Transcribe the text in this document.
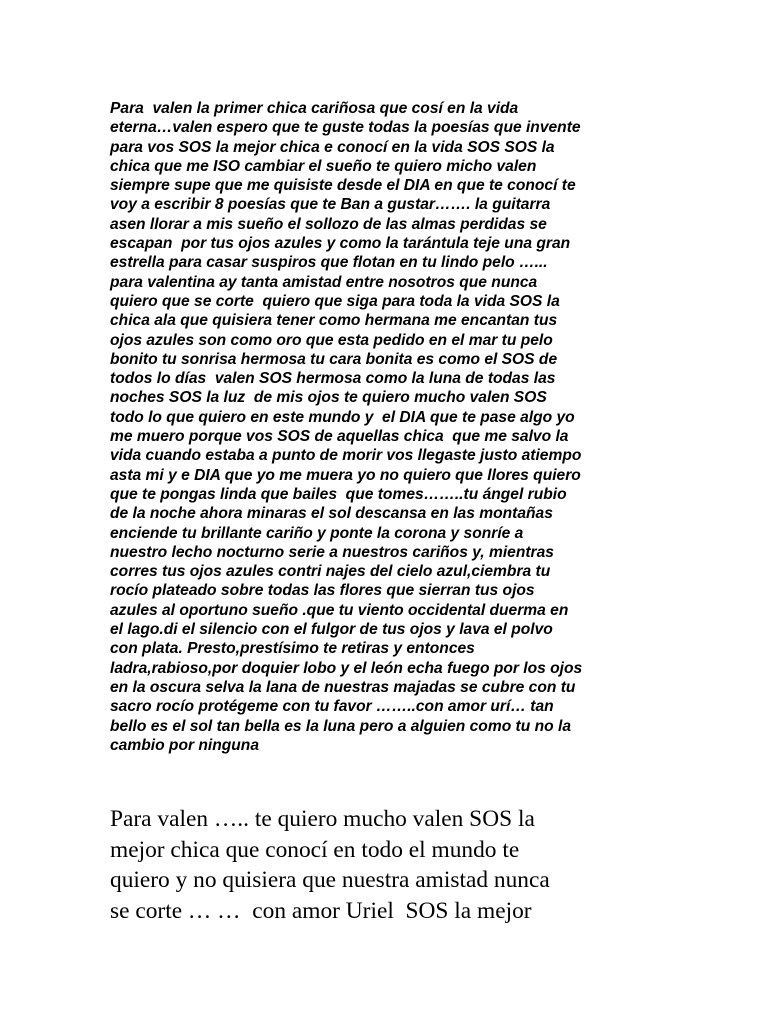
Para  valen la primer chica cariñosa que cosí en la vida
eterna…valen espero que te guste todas la poesías que invente
para vos SOS la mejor chica e conocí en la vida SOS SOS la
chica que me ISO cambiar el sueño te quiero micho valen
siempre supe que me quisiste desde el DIA en que te conocí te
voy a escribir 8 poesías que te Ban a gustar……. la guitarra
asen llorar a mis sueño el sollozo de las almas perdidas se
escapan  por tus ojos azules y como la tarántula teje una gran
estrella para casar suspiros que flotan en tu lindo pelo …...
para valentina ay tanta amistad entre nosotros que nunca
quiero que se corte  quiero que siga para toda la vida SOS la
chica ala que quisiera tener como hermana me encantan tus
ojos azules son como oro que esta pedido en el mar tu pelo
bonito tu sonrisa hermosa tu cara bonita es como el SOS de
todos lo días  valen SOS hermosa como la luna de todas las
noches SOS la luz  de mis ojos te quiero mucho valen SOS
todo lo que quiero en este mundo y  el DIA que te pase algo yo
me muero porque vos SOS de aquellas chica  que me salvo la
vida cuando estaba a punto de morir vos llegaste justo atiempo
asta mi y e DIA que yo me muera yo no quiero que llores quiero
que te pongas linda que bailes  que tomes……..tu ángel rubio
de la noche ahora minaras el sol descansa en las montañas
enciende tu brillante cariño y ponte la corona y sonríe a
nuestro lecho nocturno serie a nuestros cariños y, mientras
corres tus ojos azules contri najes del cielo azul,ciembra tu
rocío plateado sobre todas las flores que sierran tus ojos
azules al oportuno sueño .que tu viento occidental duerma en
el lago.di el silencio con el fulgor de tus ojos y lava el polvo
con plata. Presto,prestísimo te retiras y entonces
ladra,rabioso,por doquier lobo y el león echa fuego por los ojos
en la oscura selva la lana de nuestras majadas se cubre con tu
sacro rocío protégeme con tu favor ……..con amor urí… tan
bello es el sol tan bella es la luna pero a alguien como tu no la
cambio por ninguna
Para valen ….. te quiero mucho valen SOS la
mejor chica que conocí en todo el mundo te
quiero y no quisiera que nuestra amistad nunca
se corte … …  con amor Uriel  SOS la mejor
